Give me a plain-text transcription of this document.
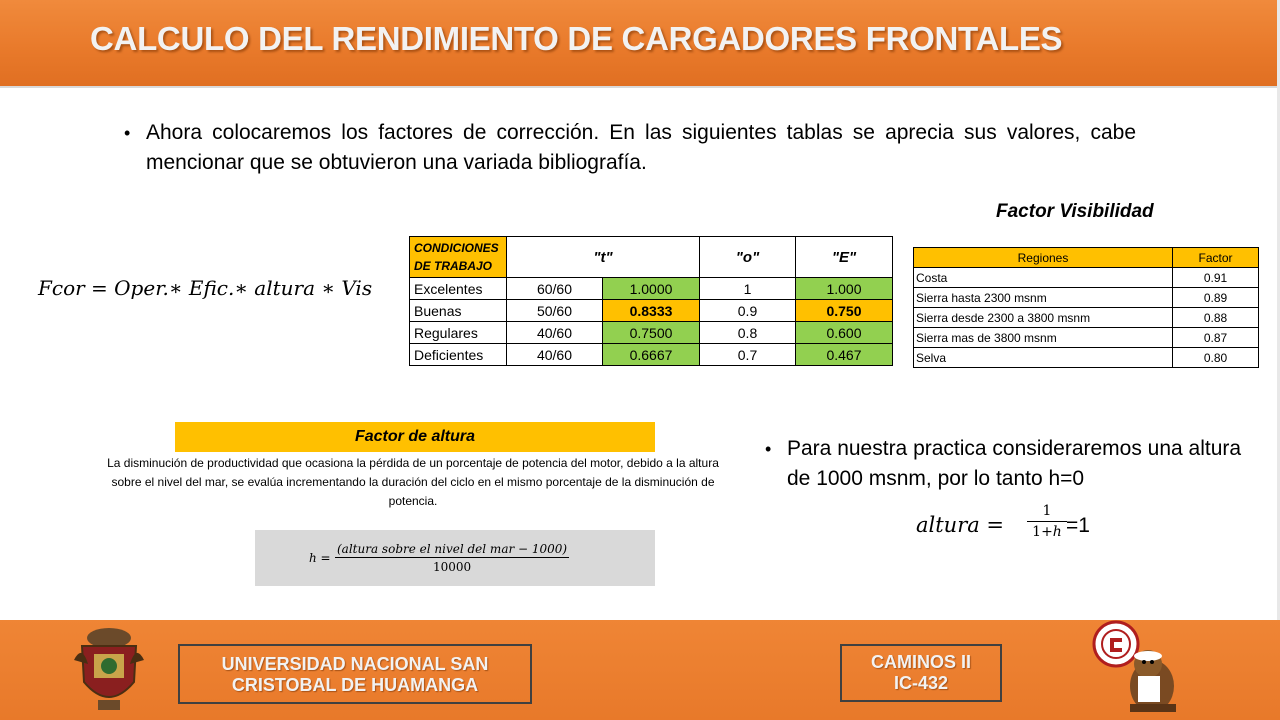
CALCULO DEL RENDIMIENTO DE CARGADORES FRONTALES
• Ahora colocaremos los factores de corrección. En las siguientes tablas se aprecia sus valores, cabe mencionar que se obtuvieron una variada bibliografía.
Fcor = Oper.∗ Efic.∗ altura ∗ Vis
CONDICIONES
DE TRABAJO	"t"		"o"	"E"
Excelentes	60/60	1.0000	1	1.000
Buenas	50/60	0.8333	0.9	0.750
Regulares	40/60	0.7500	0.8	0.600
Deficientes	40/60	0.6667	0.7	0.467
Factor Visibilidad
Regiones	Factor
Costa	0.91
Sierra hasta 2300 msnm	0.89
Sierra desde 2300 a 3800 msnm	0.88
Sierra mas de 3800 msnm	0.87
Selva	0.80
Factor de altura
La disminución de productividad que ocasiona la pérdida de un porcentaje de potencia del motor, debido a la altura sobre el nivel del mar, se evalúa incrementando la duración del ciclo en el mismo porcentaje de la disminución de potencia.
h =
(altura sobre el nivel del mar − 1000)
10000
• Para nuestra practica consideraremos una altura de 1000 msnm, por lo tanto h=0
altura =
1
1+ℎ =1
UNIVERSIDAD NACIONAL SAN
CRISTOBAL DE HUAMANGA
CAMINOS II
IC-432
